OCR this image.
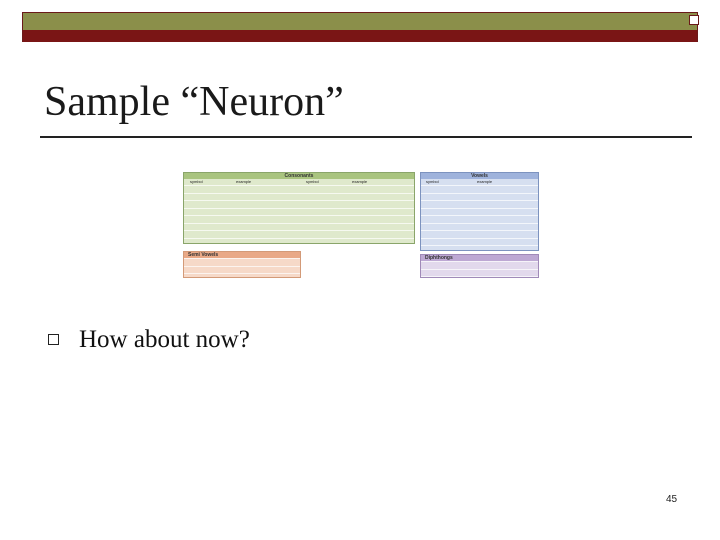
Sample “Neuron”
Consonants
symbol	example	symbol	example
Vowels
symbol	example
Semi Vowels	Diphthongs

How about now?

45
